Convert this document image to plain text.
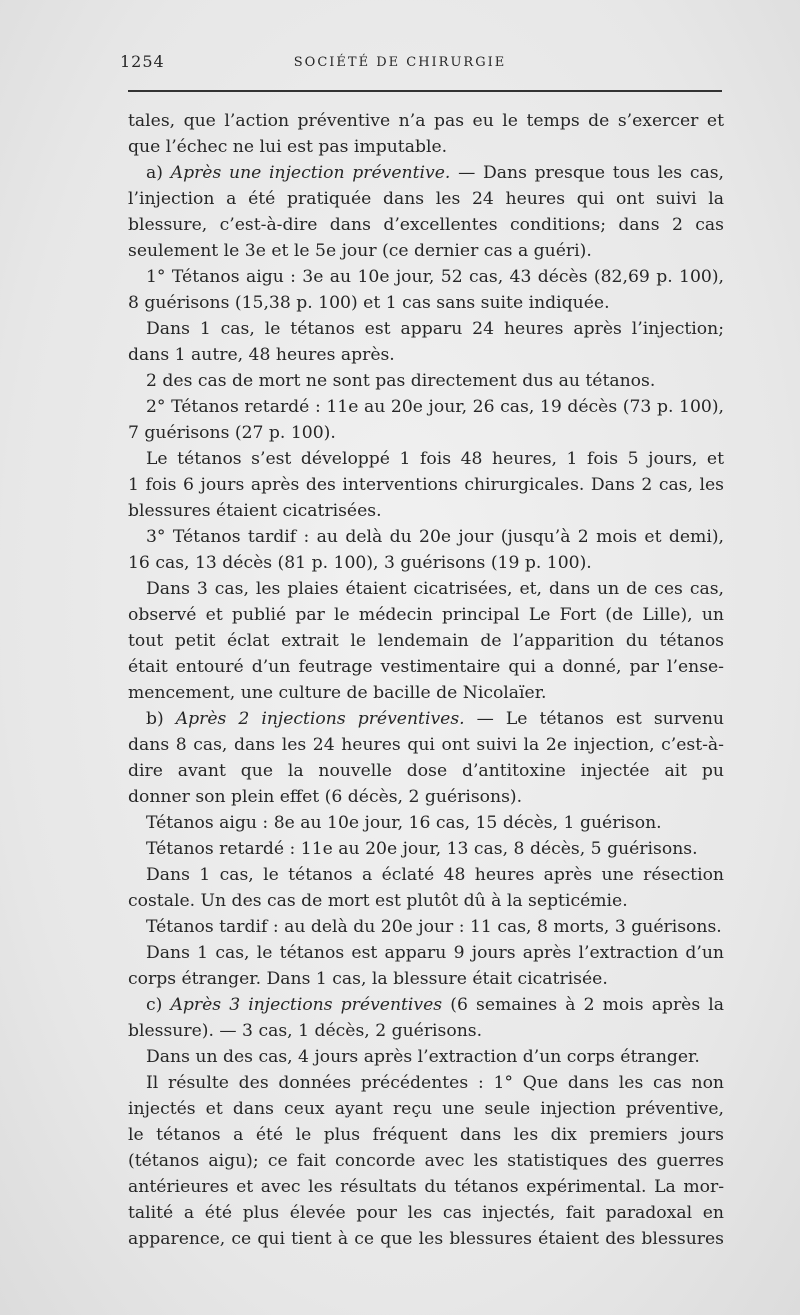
1254	SOCIÉTÉ DE CHIRURGIE
tales, que l’action préventive n’a pas eu le temps de s’exercer et
que l’échec ne lui est pas imputable.
a) Après une injection préventive. — Dans presque tous les cas,
l’injection a été pratiquée dans les 24 heures qui ont suivi la
blessure, c’est-à-dire dans d’excellentes conditions; dans 2 cas
seulement le 3e et le 5e jour (ce dernier cas a guéri).
1° Tétanos aigu : 3e au 10e jour, 52 cas, 43 décès (82,69 p. 100),
8 guérisons (15,38 p. 100) et 1 cas sans suite indiquée.
Dans 1 cas, le tétanos est apparu 24 heures après l’injection;
dans 1 autre, 48 heures après.
2 des cas de mort ne sont pas directement dus au tétanos.
2° Tétanos retardé : 11e au 20e jour, 26 cas, 19 décès (73 p. 100),
7 guérisons (27 p. 100).
Le tétanos s’est développé 1 fois 48 heures, 1 fois 5 jours, et
1 fois 6 jours après des interventions chirurgicales. Dans 2 cas, les
blessures étaient cicatrisées.
3° Tétanos tardif : au delà du 20e jour (jusqu’à 2 mois et demi),
16 cas, 13 décès (81 p. 100), 3 guérisons (19 p. 100).
Dans 3 cas, les plaies étaient cicatrisées, et, dans un de ces cas,
observé et publié par le médecin principal Le Fort (de Lille), un
tout petit éclat extrait le lendemain de l’apparition du tétanos
était entouré d’un feutrage vestimentaire qui a donné, par l’ense-
mencement, une culture de bacille de Nicolaïer.
b) Après 2 injections préventives. — Le tétanos est survenu
dans 8 cas, dans les 24 heures qui ont suivi la 2e injection, c’est-à-
dire avant que la nouvelle dose d’antitoxine injectée ait pu
donner son plein effet (6 décès, 2 guérisons).
Tétanos aigu : 8e au 10e jour, 16 cas, 15 décès, 1 guérison.
Tétanos retardé : 11e au 20e jour, 13 cas, 8 décès, 5 guérisons.
Dans 1 cas, le tétanos a éclaté 48 heures après une résection
costale. Un des cas de mort est plutôt dû à la septicémie.
Tétanos tardif : au delà du 20e jour : 11 cas, 8 morts, 3 guérisons.
Dans 1 cas, le tétanos est apparu 9 jours après l’extraction d’un
corps étranger. Dans 1 cas, la blessure était cicatrisée.
c) Après 3 injections préventives (6 semaines à 2 mois après la
blessure). — 3 cas, 1 décès, 2 guérisons.
Dans un des cas, 4 jours après l’extraction d’un corps étranger.
Il résulte des données précédentes : 1° Que dans les cas non
injectés et dans ceux ayant reçu une seule injection préventive,
le tétanos a été le plus fréquent dans les dix premiers jours
(tétanos aigu); ce fait concorde avec les statistiques des guerres
antérieures et avec les résultats du tétanos expérimental. La mor-
talité a été plus élevée pour les cas injectés, fait paradoxal en
apparence, ce qui tient à ce que les blessures étaient des blessures
